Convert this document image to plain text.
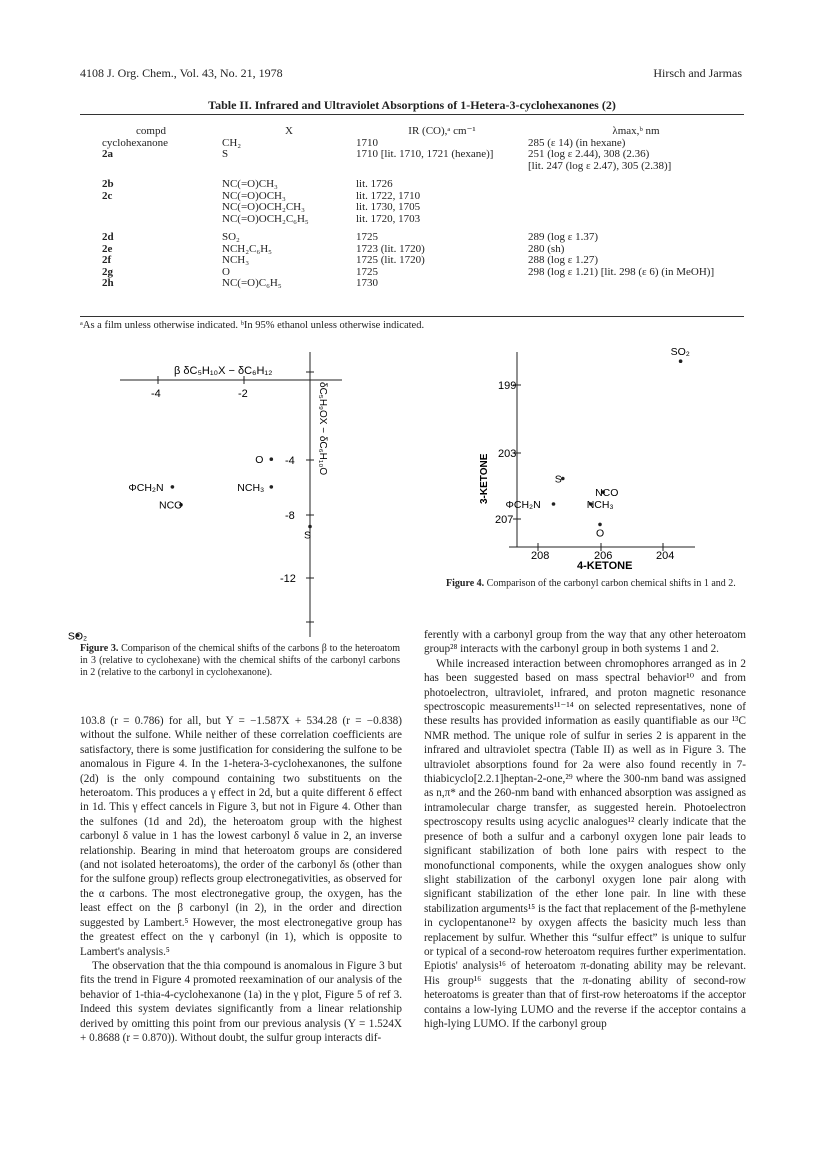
4108 J. Org. Chem., Vol. 43, No. 21, 1978	Hirsch and Jarmas
Table II. Infrared and Ultraviolet Absorptions of 1-Hetera-3-cyclohexanones (2)
compd	X	IR (CO),ᵃ cm⁻¹	λmax,ᵇ nm
cyclohexanone	CH₂	1710	285 (ε 14) (in hexane)
2a	S	1710 [lit. 1710, 1721 (hexane)]	251 (log ε 2.44), 308 (2.36)
			[lit. 247 (log ε 2.47), 305 (2.38)]
2b	NC(=O)CH₃	lit. 1726	
2c	NC(=O)OCH₃	lit. 1722, 1710	
	NC(=O)OCH₂CH₃	lit. 1730, 1705	
	NC(=O)OCH₂C₆H₅	lit. 1720, 1703	
2d	SO₂	1725	289 (log ε 1.37)
2e	NCH₂C₆H₅	1723 (lit. 1720)	280 (sh)
2f	NCH₃	1725 (lit. 1720)	288 (log ε 1.27)
2g	O	1725	298 (log ε 1.21) [lit. 298 (ε 6) (in MeOH)]
2h	NC(=O)C₆H₅	1730	
ᵃAs a film unless otherwise indicated. ᵇIn 95% ethanol unless otherwise indicated.
β δC₅H₁₀X − δC₆H₁₂
-4	-2
-4
-8
-12
δC₅H₉OX − δC₆H₁₀O
O
ΦCH₂N	NCH₃
NCO
S
SO₂
199
203
207
208	206	204
4-KETONE
3-KETONE
SO₂
S
NCO
ΦCH₂N	NCH₃
O
Figure 4. Comparison of the carbonyl carbon chemical shifts in 1 and 2.
Figure 3. Comparison of the chemical shifts of the carbons β to the heteroatom in 3 (relative to cyclohexane) with the chemical shifts of the carbonyl carbons in 2 (relative to the carbonyl in cyclohexanone).

103.8 (r = 0.786) for all, but Y = −1.587X + 534.28 (r = −0.838) without the sulfone. While neither of these correlation coefficients are satisfactory, there is some justification for considering the sulfone to be anomalous in Figure 4. In the 1-hetera-3-cyclohexanones, the sulfone (2d) is the only compound containing two substituents on the heteroatom. This produces a γ effect in 2d, but a quite different δ effect in 1d. This γ effect cancels in Figure 3, but not in Figure 4. Other than the sulfones (1d and 2d), the heteroatom group with the highest carbonyl δ value in 1 has the lowest carbonyl δ value in 2, an inverse relationship. Bearing in mind that heteroatom groups are considered (and not isolated heteroatoms), the order of the carbonyl δs (other than for the sulfone group) reflects group electronegativities, as observed for the α carbons. The most electronegative group, the oxygen, has the least effect on the β carbonyl (in 2), in the order and direction suggested by Lambert.⁵ However, the most electronegative group has the greatest effect on the γ carbonyl (in 1), which is opposite to Lambert's analysis.⁵

The observation that the thia compound is anomalous in Figure 3 but fits the trend in Figure 4 promoted reexamination of our analysis of the behavior of 1-thia-4-cyclohexanone (1a) in the γ plot, Figure 5 of ref 3. Indeed this system deviates significantly from a linear relationship derived by omitting this point from our previous analysis (Y = 1.524X + 0.8688 (r = 0.870)). Without doubt, the sulfur group interacts dif-

ferently with a carbonyl group from the way that any other heteroatom group²⁸ interacts with the carbonyl group in both systems 1 and 2.

While increased interaction between chromophores arranged as in 2 has been suggested based on mass spectral behavior¹⁰ and from photoelectron, ultraviolet, infrared, and proton magnetic resonance spectroscopic measurements¹¹⁻¹⁴ on selected representatives, none of these results has provided information as easily quantifiable as our ¹³C NMR method. The unique role of sulfur in series 2 is apparent in the infrared and ultraviolet spectra (Table II) as well as in Figure 3. The ultraviolet absorptions found for 2a were also found recently in 7-thiabicyclo[2.2.1]heptan-2-one,²⁹ where the 300-nm band was assigned as n,π* and the 260-nm band with enhanced absorption was assigned as intramolecular charge transfer, as suggested herein. Photoelectron spectroscopy results using acyclic analogues¹² clearly indicate that the presence of both a sulfur and a carbonyl oxygen lone pair leads to significant stabilization of both lone pairs with respect to the monofunctional components, while the oxygen analogues show only slight stabilization of the carbonyl oxygen lone pair along with significant stabilization of the ether lone pair. In line with these stabilization arguments¹⁵ is the fact that replacement of the β-methylene in cyclopentanone¹² by oxygen affects the basicity much less than replacement by sulfur. Whether this “sulfur effect” is unique to sulfur or typical of a second-row heteroatom requires further experimentation. Epiotis' analysis¹⁶ of heteroatom π-donating ability may be relevant. His group¹⁶ suggests that the π-donating ability of second-row heteroatoms is greater than that of first-row heteroatoms if the acceptor contains a low-lying LUMO and the reverse if the acceptor contains a high-lying LUMO. If the carbonyl group
